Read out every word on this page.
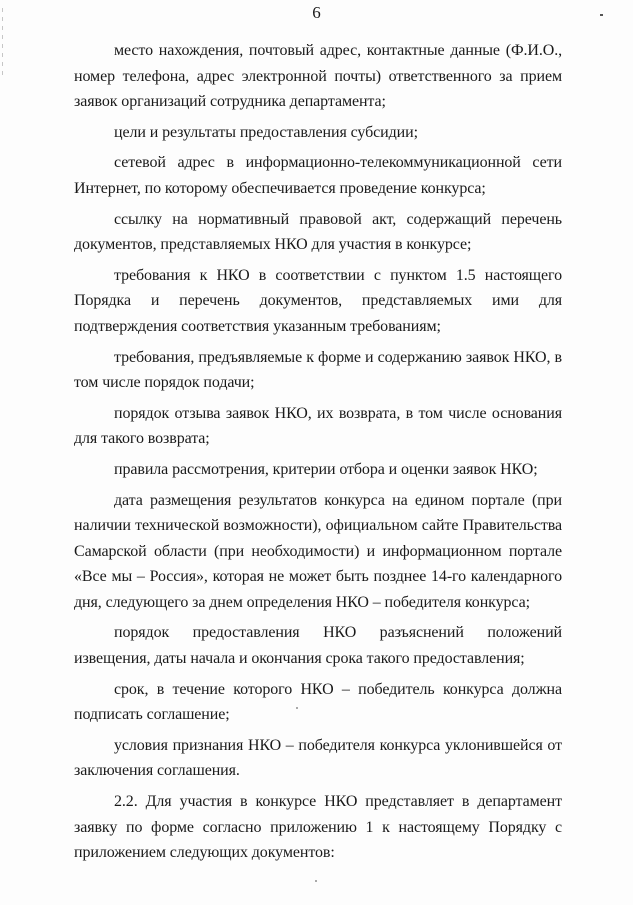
6

место нахождения, почтовый адрес, контактные данные (Ф.И.О., номер телефона, адрес электронной почты) ответственного за прием заявок организаций сотрудника департамента;

цели и результаты предоставления субсидии;

сетевой адрес в информационно-телекоммуникационной сети Интернет, по которому обеспечивается проведение конкурса;

ссылку на нормативный правовой акт, содержащий перечень документов, представляемых НКО для участия в конкурсе;

требования к НКО в соответствии с пунктом 1.5 настоящего Порядка и перечень документов, представляемых ими для подтверждения соответствия указанным требованиям;

требования, предъявляемые к форме и содержанию заявок НКО, в том числе порядок подачи;

порядок отзыва заявок НКО, их возврата, в том числе основания для такого возврата;

правила рассмотрения, критерии отбора и оценки заявок НКО;

дата размещения результатов конкурса на едином портале (при наличии технической возможности), официальном сайте Правительства Самарской области (при необходимости) и информационном портале «Все мы – Россия», которая не может быть позднее 14-го календарного дня, следующего за днем определения НКО – победителя конкурса;

порядок предоставления НКО разъяснений положений извещения, даты начала и окончания срока такого предоставления;

срок, в течение которого НКО – победитель конкурса должна подписать соглашение;

условия признания НКО – победителя конкурса уклонившейся от заключения соглашения.

2.2. Для участия в конкурсе НКО представляет в департамент заявку по форме согласно приложению 1 к настоящему Порядку с приложением следующих документов:
